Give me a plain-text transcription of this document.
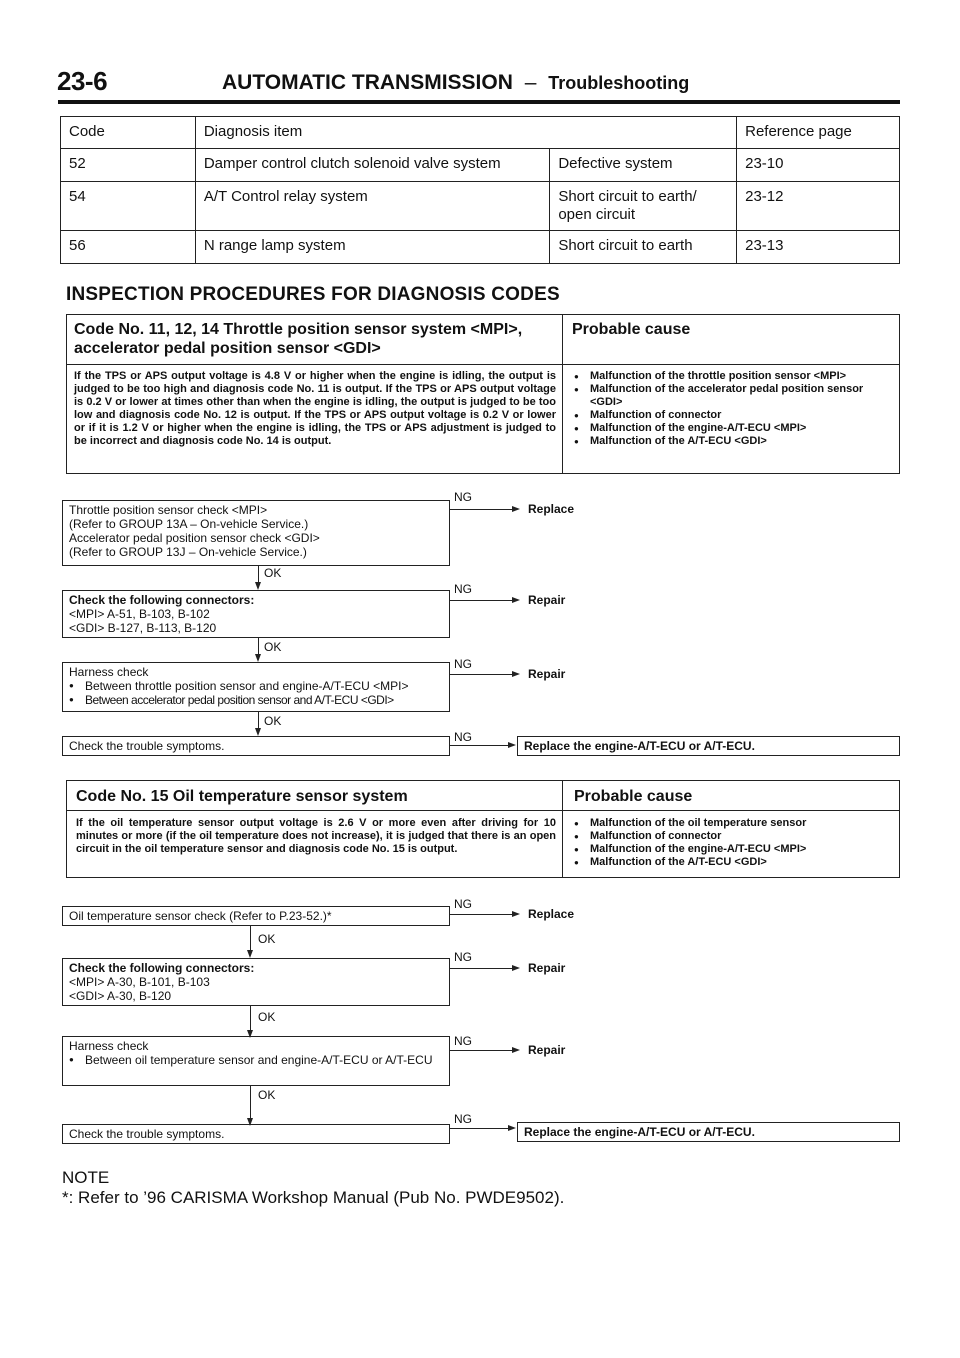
23-6	AUTOMATIC TRANSMISSION – Troubleshooting
Code	Diagnosis item		Reference page
52	Damper control clutch solenoid valve system	Defective system	23-10
54	A/T Control relay system	Short circuit to earth/ open circuit	23-12
56	N range lamp system	Short circuit to earth	23-13
INSPECTION PROCEDURES FOR DIAGNOSIS CODES
Code No. 11, 12, 14 Throttle position sensor system <MPI>, accelerator pedal position sensor <GDI>
Probable cause
If the TPS or APS output voltage is 4.8 V or higher when the engine is idling, the output is judged to be too high and diagnosis code No. 11 is output. If the TPS or APS output voltage is 0.2 V or lower at times other than when the engine is idling, the output is judged to be too low and diagnosis code No. 12 is output. If the TPS or APS output voltage is 0.2 V or lower or if it is 1.2 V or higher when the engine is idling, the TPS or APS adjustment is judged to be incorrect and diagnosis code No. 14 is output.
● Malfunction of the throttle position sensor <MPI>
● Malfunction of the accelerator pedal position sensor <GDI>
● Malfunction of connector
● Malfunction of the engine-A/T-ECU <MPI>
● Malfunction of the A/T-ECU <GDI>
Throttle position sensor check <MPI>
(Refer to GROUP 13A – On-vehicle Service.)
Accelerator pedal position sensor check <GDI>
(Refer to GROUP 13J – On-vehicle Service.)
NG
Replace
OK
Check the following connectors:
<MPI> A-51, B-103, B-102
<GDI> B-127, B-113, B-120
NG
Repair
OK
Harness check
● Between throttle position sensor and engine-A/T-ECU <MPI>
● Between accelerator pedal position sensor and A/T-ECU <GDI>
NG
Repair
OK
Check the trouble symptoms.
NG
Replace the engine-A/T-ECU or A/T-ECU.
Code No. 15 Oil temperature sensor system	Probable cause
If the oil temperature sensor output voltage is 2.6 V or more even after driving for 10 minutes or more (if the oil temperature does not increase), it is judged that there is an open circuit in the oil temperature sensor and diagnosis code No. 15 is output.
● Malfunction of the oil temperature sensor
● Malfunction of connector
● Malfunction of the engine-A/T-ECU <MPI>
● Malfunction of the A/T-ECU <GDI>
Oil temperature sensor check (Refer to P.23-52.)*
NG
Replace
OK
Check the following connectors:
<MPI> A-30, B-101, B-103
<GDI> A-30, B-120
NG
Repair
OK
Harness check
● Between oil temperature sensor and engine-A/T-ECU or A/T-ECU
NG
Repair
OK
Check the trouble symptoms.
NG
Replace the engine-A/T-ECU or A/T-ECU.
NOTE
*: Refer to ’96 CARISMA Workshop Manual (Pub No. PWDE9502).
